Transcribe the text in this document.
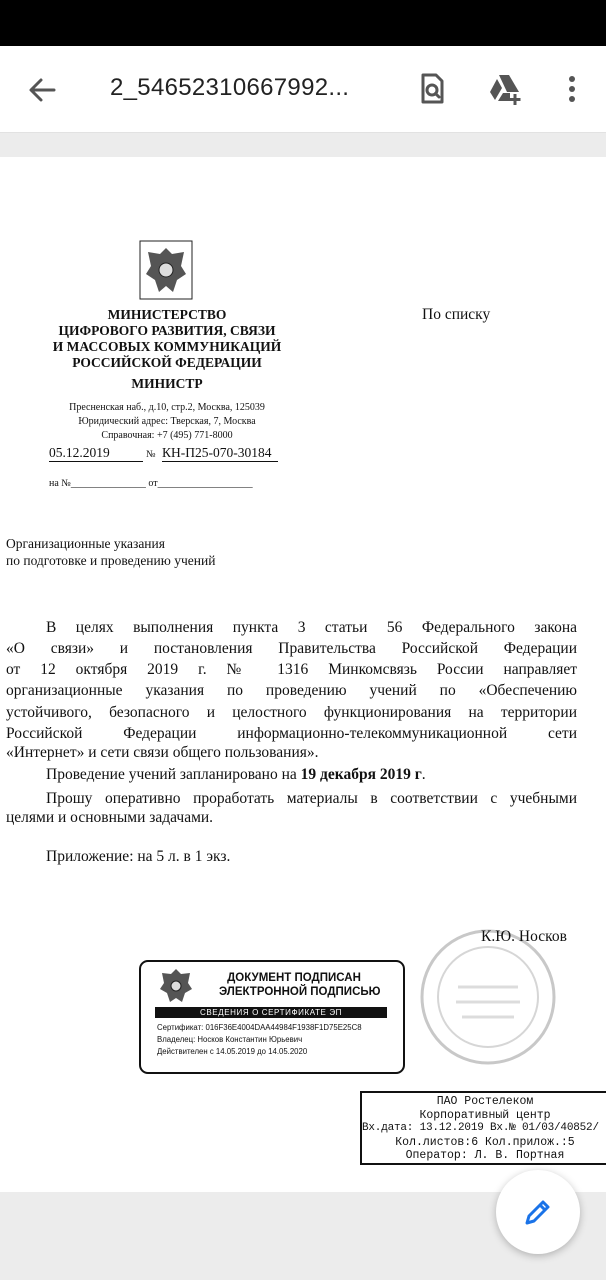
2_54652310667992...
МИНИСТЕРСТВО
ЦИФРОВОГО РАЗВИТИЯ, СВЯЗИ
И МАССОВЫХ КОММУНИКАЦИЙ
РОССИЙСКОЙ ФЕДЕРАЦИИ
МИНИСТР
Пресненская наб., д.10, стр.2, Москва, 125039
Юридический адрес: Тверская, 7, Москва
Справочная: +7 (495) 771-8000
05.12.2019	№ КН-П25-070-30184
на №_______________ от___________________
По списку
Организационные указания
по подготовке и проведению учений
В целях выполнения пункта 3 статьи 56 Федерального закона
«О связи» и постановления Правительства Российской Федерации
от 12 октября 2019 г. № 1316 Минкомсвязь России направляет
организационные указания по проведению учений по «Обеспечению
устойчивого, безопасного и целостного функционирования на территории
Российской Федерации информационно-телекоммуникационной сети
«Интернет» и сети связи общего пользования».
Проведение учений запланировано на 19 декабря 2019 г.
Прошу оперативно проработать материалы в соответствии с учебными
целями и основными задачами.
Приложение: на 5 л. в 1 экз.
К.Ю. Носков
ДОКУМЕНТ ПОДПИСАН
ЭЛЕКТРОННОЙ ПОДПИСЬЮ
СВЕДЕНИЯ О СЕРТИФИКАТЕ ЭП
Сертификат: 016F36E4004DAA44984F1938F1D75E25C8
Владелец: Носков Константин Юрьевич
Действителен с 14.05.2019 до 14.05.2020
ПАО Ростелеком
Корпоративный центр
Вх.дата: 13.12.2019 Вх.№ 01/03/40852/
Кол.листов:6 Кол.прилож.:5
Оператор: Л. В. Портная
